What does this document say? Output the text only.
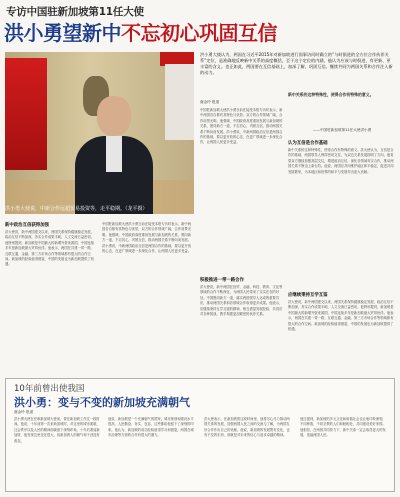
专访中国驻新加坡第11任大使
洪小勇望新中不忘初心巩固互信
洪小勇大使说，中新合作远超贸易投资等，走平稳期。（龙平摄）
洪小勇大使认为，两国在习近平2015年对新加坡进行国事访问时确立的“与时俱进的全方位合作伙伴关系”定位，是准确地反映新中关系的高度概括，至于这个定位的内涵，他认为应该与时俱进，有更新、更丰富的含义。也正如此，两国要在互信基础上，加深了解，巩固互信，继续共同为两国关系和合作注入新的动力。
谢金玲 报道
中国驻新加坡大使洪小勇日前在接受本报专访时表示，新中两国各自都有其特色与优势，双方的合作领域广阔，合作前景光明。他强调，中国政府高度重视发展与新加坡的关系，愿同新方一道，不忘初心，巩固互信，推动两国关系不断向前发展。洪小勇说，中新两国政治互信是两国合作的基础，要以更开放的心态，在更广领域进一步深化合作，让两国人民更多受益。
新中关系的这种特殊性，使得合作有特殊的意义。
——中国驻新加坡第11任大使洪小勇
认为互信是合作基础
新中关系的这种特殊性，使得合作有特殊的意义。洪大使认为，互信是合作的基础，两国领导人保持密切交往，为双边关系发展指明了方向。他希望双方继续加强高层交往，增进政治互信，深化各领域务实合作，推动两国关系不断迈上新台阶。他说，两国应共同维护地区和平稳定，促进共同发展繁荣，为本地区和世界的和平与发展作出更大贡献。
新中政治互信获得加强
洪大使说，新中两国建交以来，两国关系保持健康稳定发展，政治互信不断加深，务实合作成果丰硕，人文交流日益密切。他特别提到，新加坡是中国最大的新增外资来源国，中国连续多年是新加坡最大贸易伙伴。他表示，两国在共建一带一路、互联互通、金融、第三方市场合作等领域都有很大的合作空间。新加坡的经验值得借鉴，中国的发展也为新加坡提供了机遇。
中国驻新加坡大使洪小勇日前在接受本报专访时表示，新中两国各自都有其特色与优势，双方的合作领域广阔，合作前景光明。他强调，中国政府高度重视发展与新加坡的关系，愿同新方一道，不忘初心，巩固互信，推动两国关系不断向前发展。洪小勇说，中新两国政治互信是两国合作的基础，要以更开放的心态，在更广领域进一步深化合作，让两国人民更多受益。
积极推进一带一路合作
洪大使说，新中两国在经贸、金融、科技、教育、文化等领域的合作不断深化，为两国人民带来了实实在在的好处。中国愿同新方一道，落实两国领导人达成的重要共识，推动两国关系和各领域合作取得更多成果。他表示，应继续秉持互学互鉴的精神，相互借鉴发展经验，共同应对各种挑战，携手构建更加紧密的伙伴关系。
应继续秉持互学互鉴
洪大使说，新中两国建交以来，两国关系保持健康稳定发展，政治互信不断加深，务实合作成果丰硕，人文交流日益密切。他特别提到，新加坡是中国最大的新增外资来源国，中国连续多年是新加坡最大贸易伙伴。他表示，两国在共建一带一路、互联互通、金融、第三方市场合作等领域都有很大的合作空间。新加坡的经验值得借鉴，中国的发展也为新加坡提供了机遇。
10年前曾出使我国
洪小勇：变与不变的新加坡充满朝气
谢金玲 报道
洪小勇大使在任职新加坡大使前，曾在新加坡工作过一段时间。他说，十年前第一次来新加坡时，对这里的城市面貌、社会秩序以及人民的精神面貌留下深刻印象。十年后重返新加坡，他发现这里变化很大，但新加坡人的朝气和干劲没有改变。
他说，新加坡是一个充满朝气的国家，城市规划和建设水平很高，人民勤奋、务实、包容，这些都给他留下了深刻的印象。他认为，新加坡的成功经验值得学习和借鉴，两国在城市治理等方面的合作有很大的潜力。
洪大使表示，在新加坡的这段时间里，他将尽心尽力推动两国关系的发展，加强两国人民之间的交流与了解，为两国友好合作作出自己的贡献。他说，新加坡的发展既有变化，也有不变的东西，那就是对未来的信心与追求卓越的精神。
他还提到，新加坡的多元文化和和谐社会也让他印象深刻，不同种族、不同宗教的人们和睦相处，共同建设美好家园。他相信，在两国共同努力下，新中关系一定会取得更大的发展，造福两国人民。
